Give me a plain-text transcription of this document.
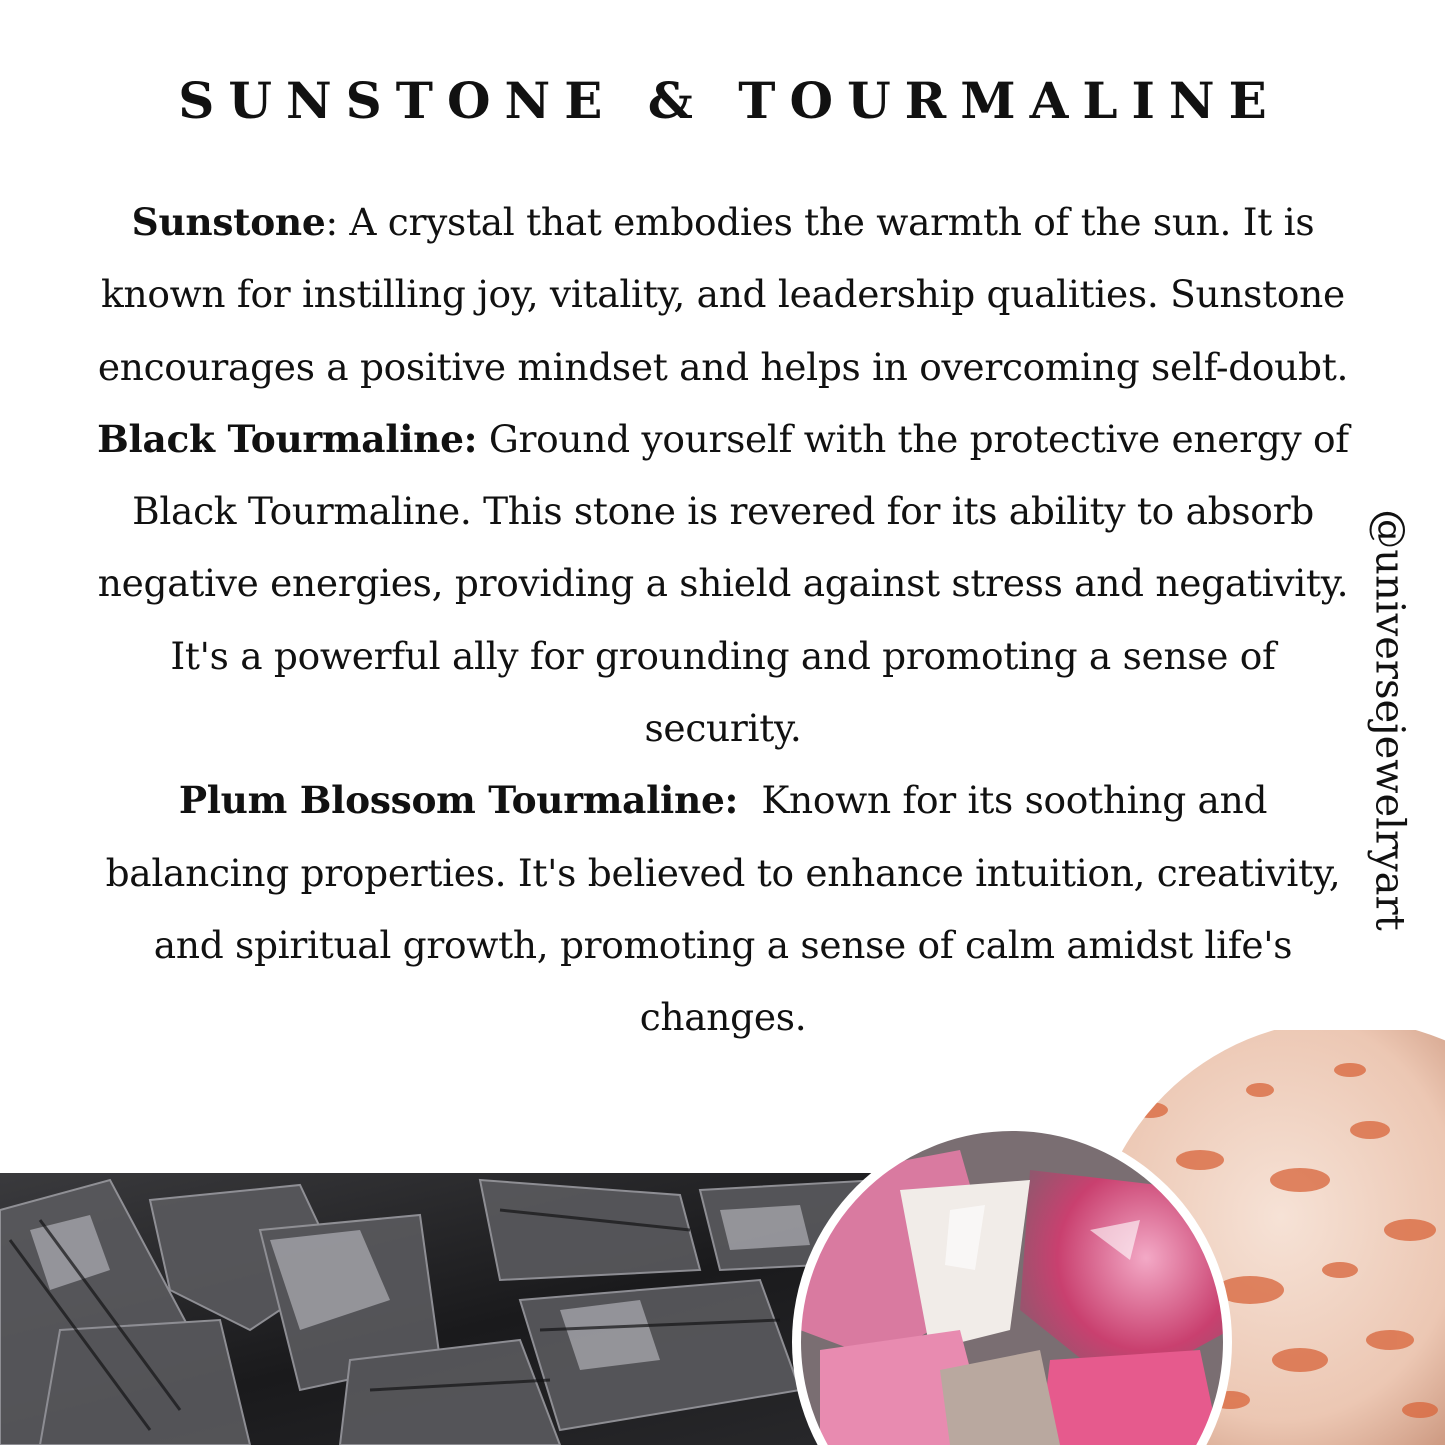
SUNSTONE & TOURMALINE

Sunstone: A crystal that embodies the warmth of the sun. It is known for instilling joy, vitality, and leadership qualities. Sunstone encourages a positive mindset and helps in overcoming self-doubt.

Black Tourmaline: Ground yourself with the protective energy of Black Tourmaline. This stone is revered for its ability to absorb negative energies, providing a shield against stress and negativity. It's a powerful ally for grounding and promoting a sense of security.

Plum Blossom Tourmaline:  Known for its soothing and balancing properties. It's believed to enhance intuition, creativity, and spiritual growth, promoting a sense of calm amidst life's changes.

@universejewelryart
